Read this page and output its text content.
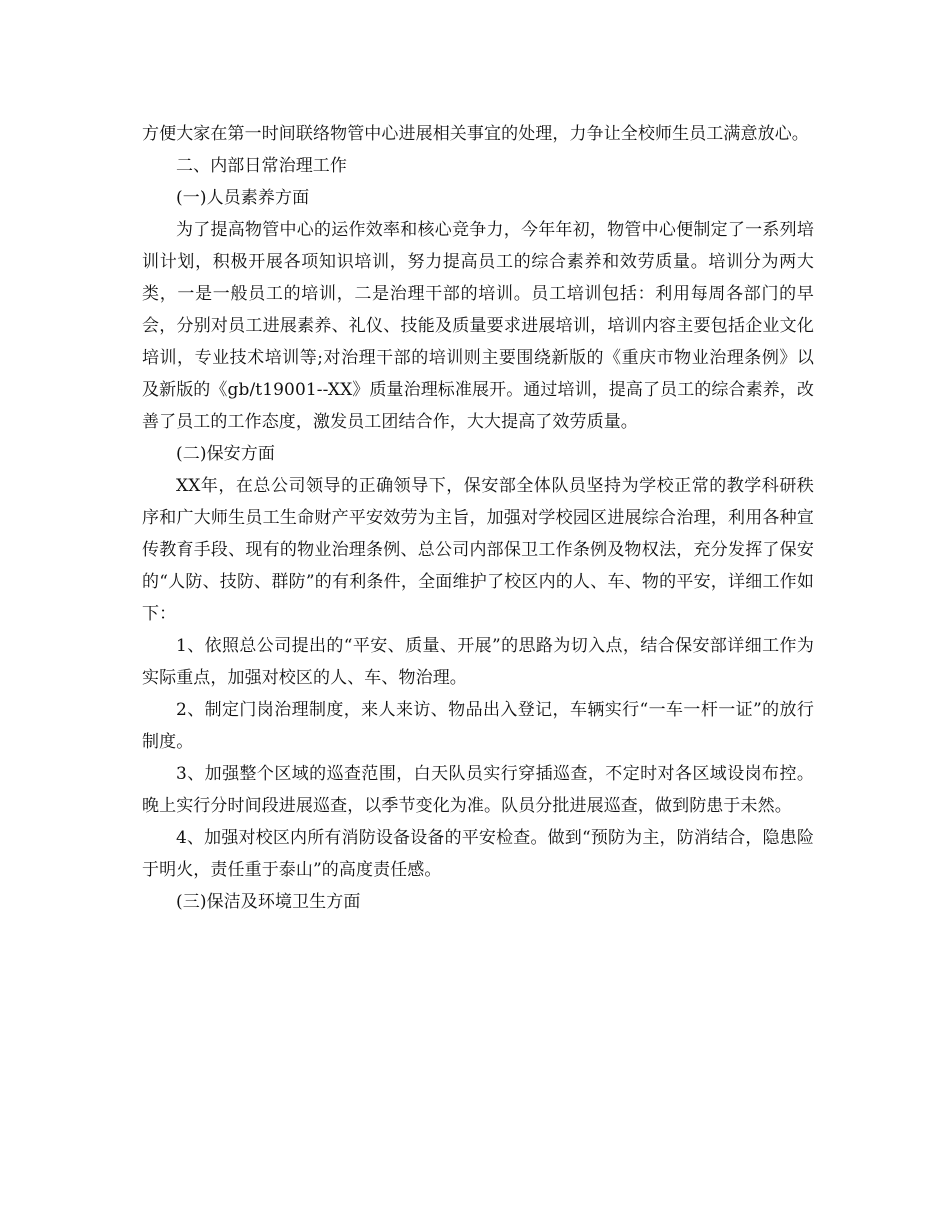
方便大家在第一时间联络物管中心进展相关事宜的处理，力争让全校师生员工满意放心。

二、内部日常治理工作

(一)人员素养方面

为了提高物管中心的运作效率和核心竞争力，今年年初，物管中心便制定了一系列培训计划，积极开展各项知识培训，努力提高员工的综合素养和效劳质量。培训分为两大类，一是一般员工的培训，二是治理干部的培训。员工培训包括：利用每周各部门的早会，分别对员工进展素养、礼仪、技能及质量要求进展培训，培训内容主要包括企业文化培训，专业技术培训等;对治理干部的培训则主要围绕新版的《重庆市物业治理条例》以及新版的《gb/t19001--XX》质量治理标准展开。通过培训，提高了员工的综合素养，改善了员工的工作态度，激发员工团结合作，大大提高了效劳质量。

(二)保安方面

XX年，在总公司领导的正确领导下，保安部全体队员坚持为学校正常的教学科研秩序和广大师生员工生命财产平安效劳为主旨，加强对学校园区进展综合治理，利用各种宣传教育手段、现有的物业治理条例、总公司内部保卫工作条例及物权法，充分发挥了保安的“人防、技防、群防”的有利条件，全面维护了校区内的人、车、物的平安，详细工作如下：

1、依照总公司提出的“平安、质量、开展”的思路为切入点，结合保安部详细工作为实际重点，加强对校区的人、车、物治理。

2、制定门岗治理制度，来人来访、物品出入登记，车辆实行“一车一杆一证”的放行制度。

3、加强整个区域的巡查范围，白天队员实行穿插巡查，不定时对各区域设岗布控。晚上实行分时间段进展巡查，以季节变化为准。队员分批进展巡查，做到防患于未然。

4、加强对校区内所有消防设备设备的平安检查。做到“预防为主，防消结合，隐患险于明火，责任重于泰山”的高度责任感。

(三)保洁及环境卫生方面
